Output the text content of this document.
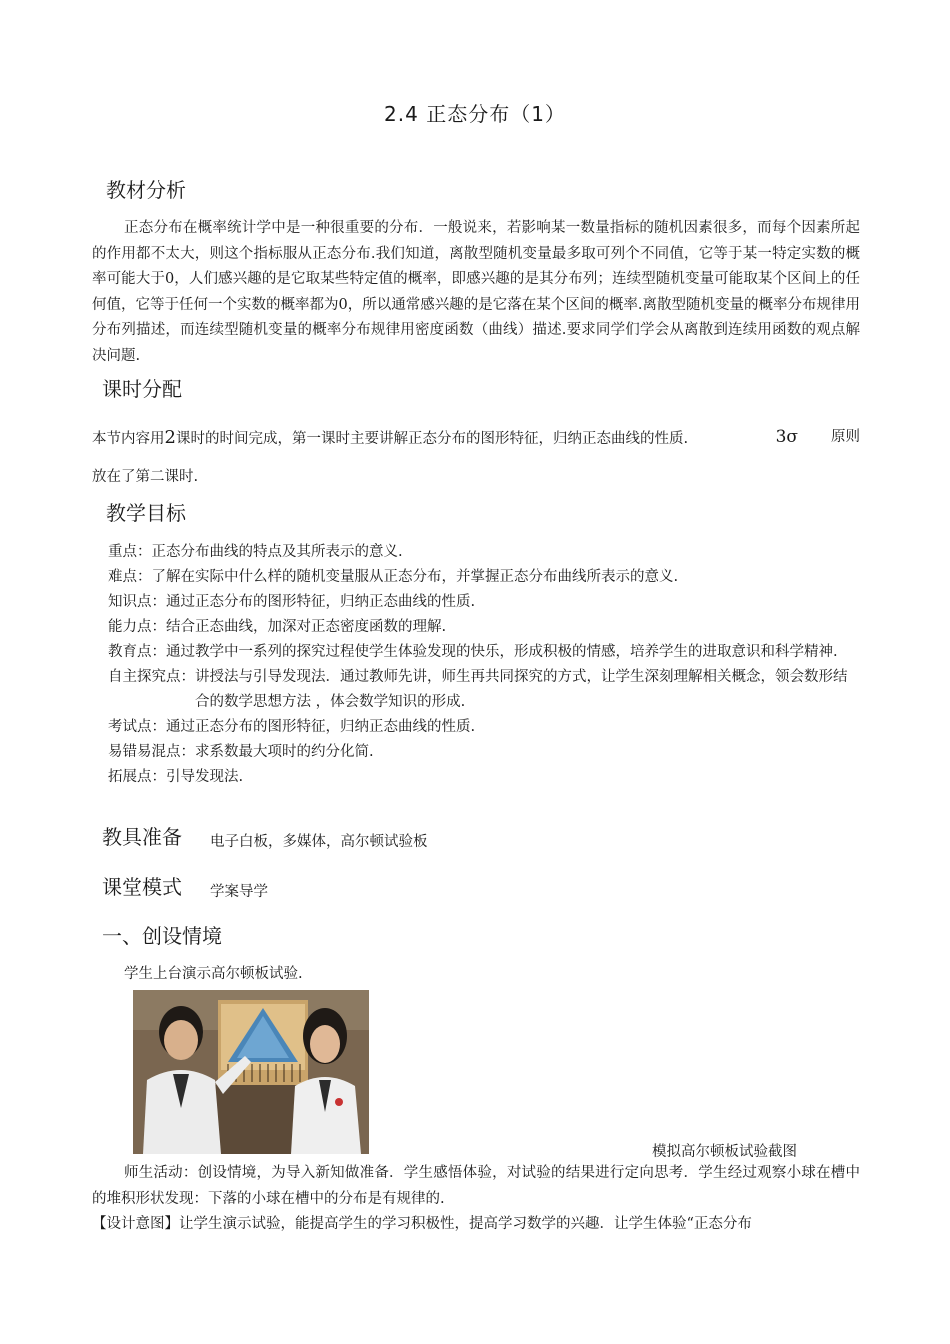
2.4 正态分布（1）
教材分析
正态分布在概率统计学中是一种很重要的分布．一般说来，若影响某一数量指标的随机因素很多，而每个因素所起的作用都不太大，则这个指标服从正态分布.我们知道，离散型随机变量最多取可列个不同值，它等于某一特定实数的概率可能大于0，人们感兴趣的是它取某些特定值的概率，即感兴趣的是其分布列；连续型随机变量可能取某个区间上的任何值，它等于任何一个实数的概率都为0，所以通常感兴趣的是它落在某个区间的概率.离散型随机变量的概率分布规律用分布列描述，而连续型随机变量的概率分布规律用密度函数（曲线）描述.要求同学们学会从离散到连续用函数的观点解决问题.
课时分配
本节内容用2课时的时间完成，第一课时主要讲解正态分布的图形特征，归纳正态曲线的性质.	3σ 原则
放在了第二课时.
教学目标
重点： 正态分布曲线的特点及其所表示的意义.
难点： 了解在实际中什么样的随机变量服从正态分布，并掌握正态分布曲线所表示的意义.
知识点： 通过正态分布的图形特征，归纳正态曲线的性质.
能力点： 结合正态曲线，加深对正态密度函数的理解.
教育点： 通过教学中一系列的探究过程使学生体验发现的快乐，形成积极的情感，培养学生的进取意识和科学精神.
自主探究点： 讲授法与引导发现法．通过教师先讲，师生再共同探究的方式，让学生深刻理解相关概念，领会数形结合的数学思想方法 ，体会数学知识的形成.
考试点： 通过正态分布的图形特征，归纳正态曲线的性质.
易错易混点： 求系数最大项时的约分化简.
拓展点： 引导发现法.
教具准备 电子白板，多媒体，高尔顿试验板
课堂模式 学案导学
一、创设情境
学生上台演示高尔顿板试验.
模拟高尔顿板试验截图
师生活动：创设情境，为导入新知做准备．学生感悟体验，对试验的结果进行定向思考．学生经过观察小球在槽中的堆积形状发现：下落的小球在槽中的分布是有规律的.
【设计意图】让学生演示试验，能提高学生的学习积极性，提高学习数学的兴趣．让学生体验“正态分布
